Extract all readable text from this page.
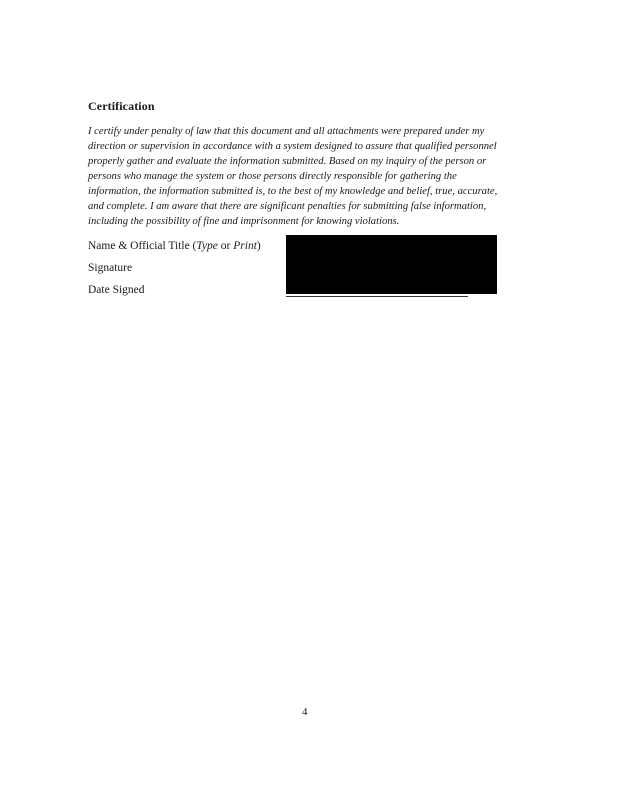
Certification
I certify under penalty of law that this document and all attachments were prepared under my
direction or supervision in accordance with a system designed to assure that qualified personnel
properly gather and evaluate the information submitted. Based on my inquiry of the person or
persons who manage the system or those persons directly responsible for gathering the
information, the information submitted is, to the best of my knowledge and belief, true, accurate,
and complete. I am aware that there are significant penalties for submitting false information,
including the possibility of fine and imprisonment for knowing violations.
Name & Official Title (Type or Print)
Signature
Date Signed
4
